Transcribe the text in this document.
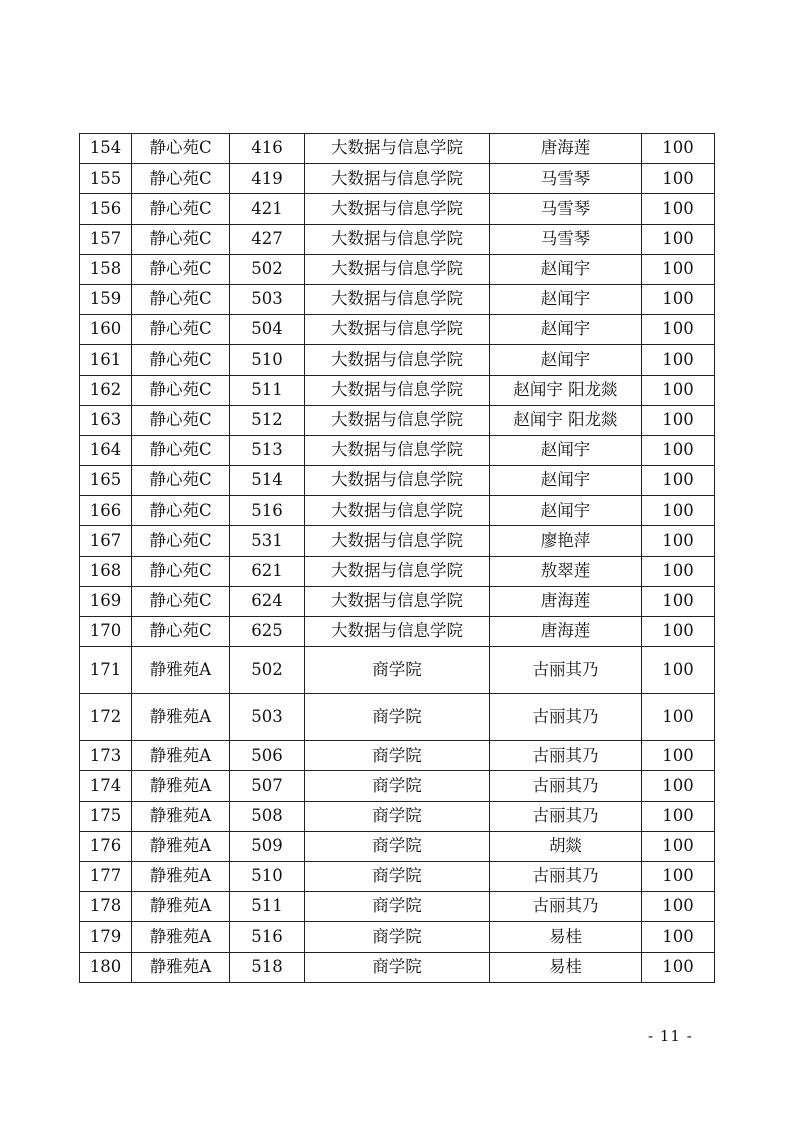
154	静心苑C	416	大数据与信息学院	唐海莲	100
155	静心苑C	419	大数据与信息学院	马雪琴	100
156	静心苑C	421	大数据与信息学院	马雪琴	100
157	静心苑C	427	大数据与信息学院	马雪琴	100
158	静心苑C	502	大数据与信息学院	赵闻宇	100
159	静心苑C	503	大数据与信息学院	赵闻宇	100
160	静心苑C	504	大数据与信息学院	赵闻宇	100
161	静心苑C	510	大数据与信息学院	赵闻宇	100
162	静心苑C	511	大数据与信息学院	赵闻宇 阳龙燚	100
163	静心苑C	512	大数据与信息学院	赵闻宇 阳龙燚	100
164	静心苑C	513	大数据与信息学院	赵闻宇	100
165	静心苑C	514	大数据与信息学院	赵闻宇	100
166	静心苑C	516	大数据与信息学院	赵闻宇	100
167	静心苑C	531	大数据与信息学院	廖艳萍	100
168	静心苑C	621	大数据与信息学院	敖翠莲	100
169	静心苑C	624	大数据与信息学院	唐海莲	100
170	静心苑C	625	大数据与信息学院	唐海莲	100
171	静雅苑A	502	商学院	古丽其乃	100
172	静雅苑A	503	商学院	古丽其乃	100
173	静雅苑A	506	商学院	古丽其乃	100
174	静雅苑A	507	商学院	古丽其乃	100
175	静雅苑A	508	商学院	古丽其乃	100
176	静雅苑A	509	商学院	胡燚	100
177	静雅苑A	510	商学院	古丽其乃	100
178	静雅苑A	511	商学院	古丽其乃	100
179	静雅苑A	516	商学院	易桂	100
180	静雅苑A	518	商学院	易桂	100
- 11 -
